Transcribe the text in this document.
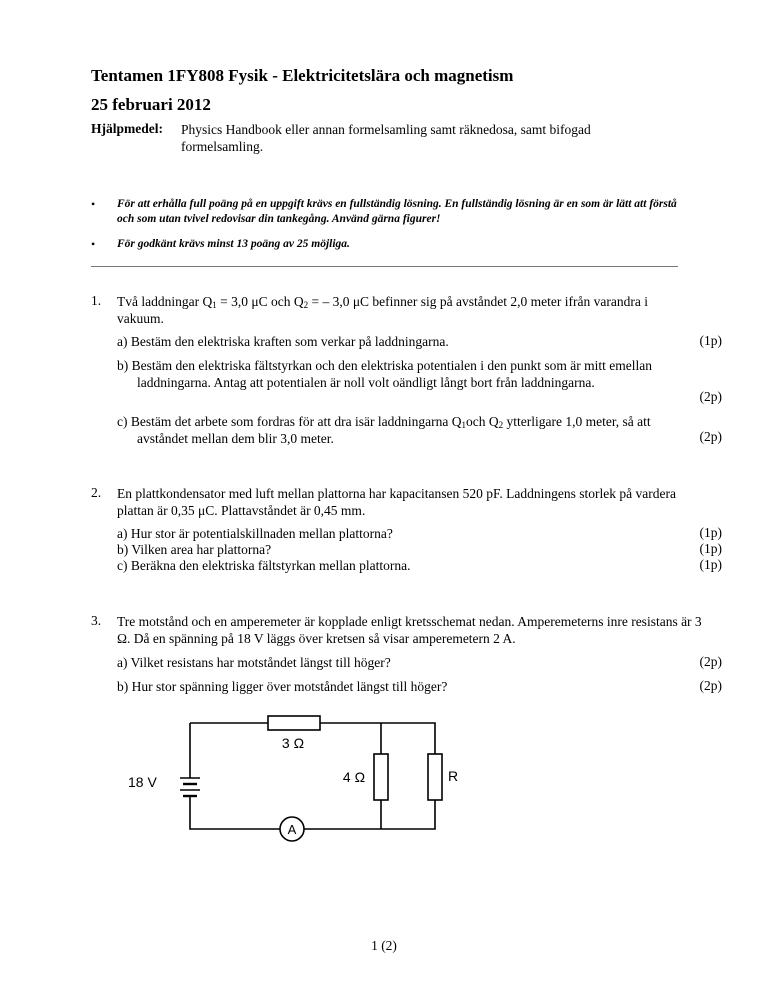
Tentamen 1FY808 Fysik - Elektricitetslära och magnetism
25 februari 2012
Hjälpmedel: Physics Handbook eller annan formelsamling samt räknedosa, samt bifogad formelsamling.
• För att erhålla full poäng på en uppgift krävs en fullständig lösning. En fullständig lösning är en som är lätt att förstå och som utan tvivel redovisar din tankegång. Använd gärna figurer!
• För godkänt krävs minst 13 poäng av 25 möjliga.
1. Två laddningar $Q_1 = 3,0$ μC och $Q_2$ = – 3,0 μC befinner sig på avståndet 2,0 meter ifrån varandra i vakuum.
a) Bestäm den elektriska kraften som verkar på laddningarna.	(1p)
b) Bestäm den elektriska fältstyrkan och den elektriska potentialen i den punkt som är mitt emellan laddningarna. Antag att potentialen är noll volt oändligt långt bort från laddningarna.
(2p)
c) Bestäm det arbete som fordras för att dra isär laddningarna $Q_1och$ $Q_2$ ytterligare 1,0 meter, så att avståndet mellan dem blir 3,0 meter.	(2p)
2. En plattkondensator med luft mellan plattorna har kapacitansen 520 pF. Laddningens storlek på vardera plattan är 0,35 μC. Plattavståndet är 0,45 mm.
a) Hur stor är potentialskillnaden mellan plattorna?	(1p)
b) Vilken area har plattorna?	(1p)
c) Beräkna den elektriska fältstyrkan mellan plattorna.	(1p)
3. Tre motstånd och en amperemeter är kopplade enligt kretsschemat nedan. Amperemeterns inre resistans är 3 Ω. Då en spänning på 18 V läggs över kretsen så visar amperemetern 2 A.
a) Vilket resistans har motståndet längst till höger?	(2p)
b) Hur stor spänning ligger över motståndet längst till höger?	(2p)
3 Ω
4 Ω	R
18 V
A
1 (2)
